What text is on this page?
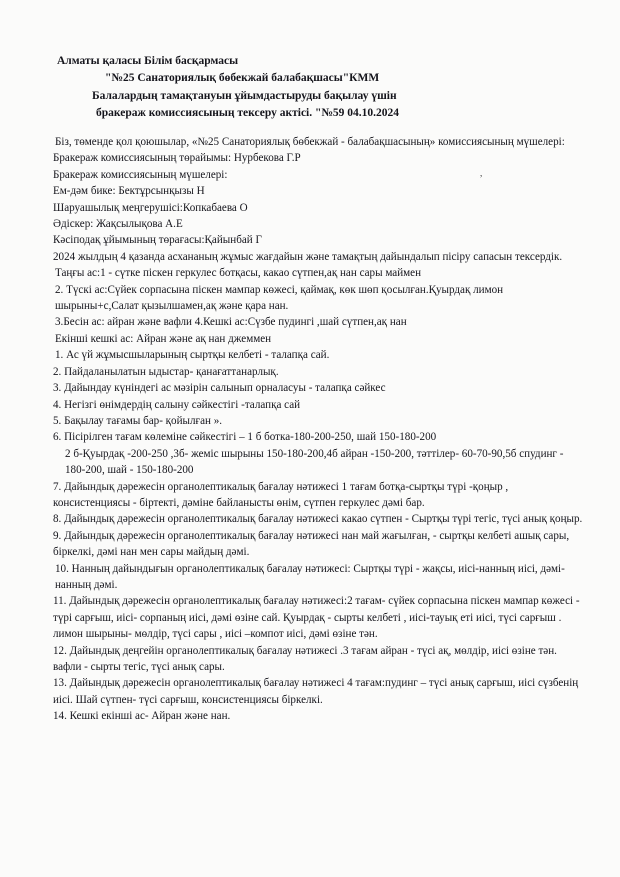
Алматы қаласы Білім басқармасы
"№25 Санаториялық бөбекжай балабақшасы"КММ
Балалардың тамақтануын ұйымдастыруды бақылау үшін
бракераж комиссиясының тексеру актісі. "№59 04.10.2024
,

Біз, төменде қол қоюшылар, «№25 Санаториялық бөбекжай - балабақшасының» комиссиясының мүшелері:

Бракераж комиссиясының төрайымы: Нурбекова Г.Р

Бракераж комиссиясының мүшелері:

Ем-дәм бике: Бектұрсынқызы Н

Шаруашылық меңгерушісі:Копкабаева О

Әдіскер: Жақсылықова А.Е

Кәсіподақ ұйымының төрағасы:Қайынбай Г

2024 жылдың 4 қазанда асхананың жұмыс жағдайын және тамақтың дайындалып пісіру сапасын тексердік.

Таңғы ас:1 - сүтке піскен геркулес ботқасы, какао сүтпен,ақ нан сары маймен

2. Түскі ас:Сүйек сорпасына піскен мампар көжесі, қаймақ, көк шөп қосылған.Қуырдақ лимон шырыны+с,Салат қызылшамен,ақ және қара нан.

3.Бесін ас: айран және вафли 4.Кешкі ас:Сүзбе пудингі ,шай сүтпен,ақ нан

Екінші кешкі ас: Айран және ақ нан джеммен

1. Ас үй жұмысшыларының сыртқы келбеті - талапқа сай.

2. Пайдаланылатын ыдыстар- қанағаттанарлық.

3. Дайындау күніндегі ас мәзірін салынып орналасуы - талапқа сәйкес

4. Негізгі өнімдердің салыну сәйкестігі -талапқа сай

5. Бақылау тағамы бар- қойылған ».

6. Пісірілген тағам көлеміне сәйкестігі – 1 б ботка-180-200-250, шай 150-180-200

2 б-Қуырдақ -200-250 ,3б- жеміс шырыны 150-180-200,4б айран -150-200, тәттілер- 60-70-90,5б спудинг - 180-200, шай - 150-180-200

7. Дайындық дәрежесін органолептикалық бағалау нәтижесі 1 тағам ботқа-сыртқы түрі -қоңыр , консистенциясы - біртекті, дәміне байланысты өнім, сүтпен геркулес дәмі бар.

8. Дайындық дәрежесін органолептикалық бағалау нәтижесі какао сүтпен - Сыртқы түрі тегіс, түсі анық қоңыр.

9. Дайындық дәрежесін органолептикалық бағалау нәтижесі нан май жағылған, - сыртқы келбеті ашық сары, біркелкі, дәмі нан мен сары майдың дәмі.

10. Нанның дайындығын органолептикалық бағалау нәтижесі: Сыртқы түрі - жақсы, иісі-нанның иісі, дәмі-нанның дәмі.

11. Дайындық дәрежесін органолептикалық бағалау нәтижесі:2 тағам- сүйек сорпасына піскен мампар көжесі - түрі сарғыш, иісі- сорпаның иісі, дәмі өзіне сай. Қуырдақ - сырты келбеті , иісі-тауық еті иісі, түсі сарғыш . лимон шырыны- мөлдір, түсі сары , иісі –компот иісі, дәмі өзіне тән.

12. Дайындық деңгейін органолептикалық бағалау нәтижесі .3 тағам айран - түсі ақ, мөлдір, иісі өзіне тән. вафли - сырты тегіс, түсі анық сары.

13. Дайындық дәрежесін органолептикалық бағалау нәтижесі 4 тағам:пудинг – түсі анық сарғыш, иісі сүзбенің иісі. Шай сүтпен- түсі сарғыш, консистенциясы біркелкі.

14. Кешкі екінші ас- Айран және нан.
